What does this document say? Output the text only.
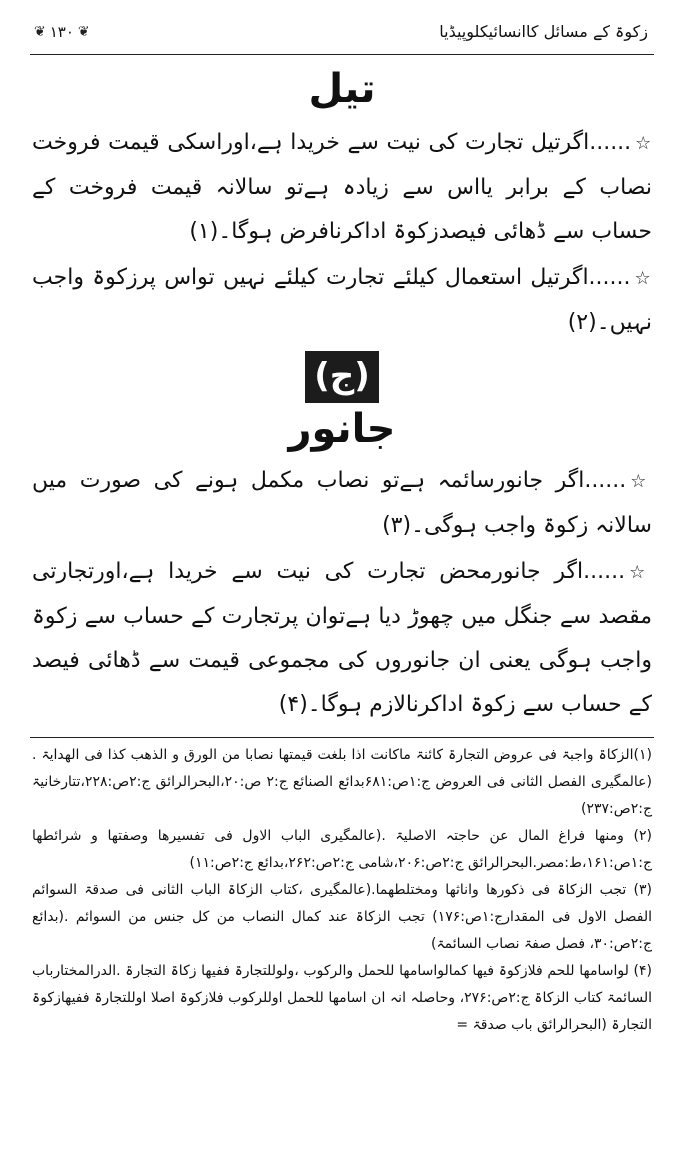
زکوۃ کے مسائل کاانسائیکلوپیڈیا
❦ ۱۳۰ ❦
تیل

☆......اگرتیل تجارت کی نیت سے خریدا ہے،اوراسکی قیمت فروخت نصاب کے برابر یااس سے زیادہ ہےتو سالانہ قیمت فروخت کے حساب سے ڈھائی فیصدزکوۃ اداکرنافرض ہوگا۔(۱)

☆......اگرتیل استعمال کیلئے تجارت کیلئے نہیں تواس پرزکوۃ واجب نہیں۔(۲)

(ج)
جانور

☆......اگر جانورسائمہ ہےتو نصاب مکمل ہونے کی صورت میں سالانہ زکوۃ واجب ہوگی۔(۳)

☆......اگر جانورمحض تجارت کی نیت سے خریدا ہے،اورتجارتی مقصد سے جنگل میں چھوڑ دیا ہےتوان پرتجارت کے حساب سے زکوۃ واجب ہوگی یعنی ان جانوروں کی مجموعی قیمت سے ڈھائی فیصد کے حساب سے زکوۃ اداکرنالازم ہوگا۔(۴)

(۱)الزکاۃ واجبۃ فی عروض التجارۃ کائنۃ ماکانت اذا بلغت قیمتھا نصابا من الورق و الذھب کذا فی الھدایۃ .(عالمگیری الفصل الثانی فی العروض ج:۱ص:۶۸۱بدائع الصنائع ج:۲ ص:۲۰،البحرالرائق ج:۲ص:۲۲۸،تتارخانیۃ ج:۲ص:۲۳۷)

(۲) ومنھا فراغ المال عن حاجتہ الاصلیۃ .(عالمگیری الباب الاول فی تفسیرھا وصفتھا و شرائطھا ج:۱ص:۱۶۱،ط:مصر.البحرالرائق ج:۲ص:۲۰۶،شامی ج:۲ص:۲۶۲،بدائع ج:۲ص:۱۱)

(۳) تجب الزکاۃ فی ذکورھا واناثھا ومختلطھما.(عالمگیری ،کتاب الزکاۃ الباب الثانی فی صدقۃ السوائم الفصل الاول فی المقدارج:۱ص:۱۷۶) تجب الزکاۃ عند کمال النصاب من کل جنس من السوائم .(بدائع ج:۲ص:۳۰، فصل صفۃ نصاب السائمۃ)

(۴) لواسامھا للحم فلازکوۃ فیھا کمالواسامھا للحمل والرکوب ،ولوللتجارۃ ففیھا زکاۃ التجارۃ .الدرالمختارباب السائمۃ کتاب الزکاۃ ج:۲ص:۲۷۶، وحاصلہ انہ ان اسامھا للحمل اوللرکوب فلازکوۃ اصلا اوللتجارۃ ففیھازکوۃ التجارۃ (البحرالرائق باب صدقۃ =
